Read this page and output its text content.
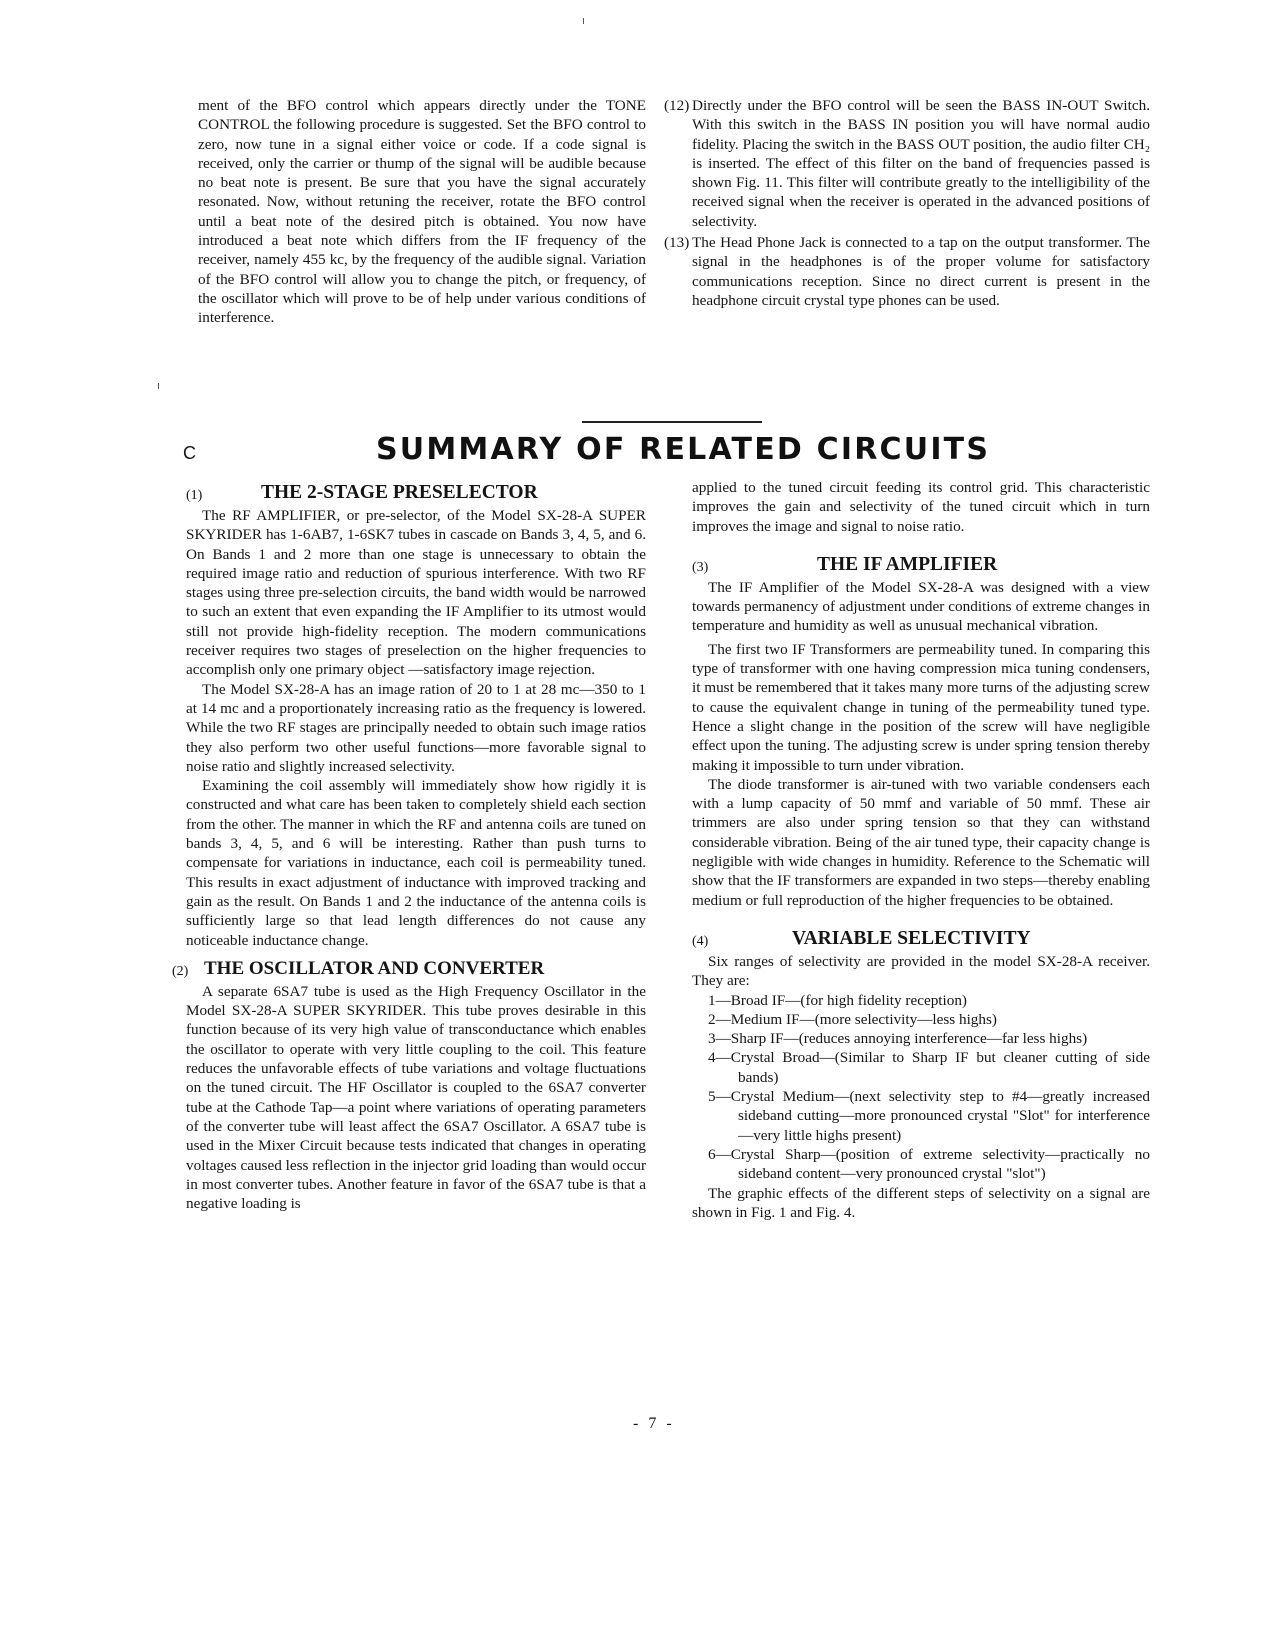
ment of the BFO control which appears directly under the TONE CONTROL the following procedure is suggested. Set the BFO control to zero, now tune in a signal either voice or code. If a code signal is received, only the carrier or thump of the signal will be audible because no beat note is present. Be sure that you have the signal accurately resonated. Now, without retuning the receiver, rotate the BFO control until a beat note of the desired pitch is obtained. You now have introduced a beat note which differs from the IF frequency of the receiver, namely 455 kc, by the frequency of the audible signal. Variation of the BFO control will allow you to change the pitch, or frequency, of the oscillator which will prove to be of help under various conditions of interference.

(12) Directly under the BFO control will be seen the BASS IN-OUT Switch. With this switch in the BASS IN position you will have normal audio fidelity. Placing the switch in the BASS OUT position, the audio filter CH₂ is inserted. The effect of this filter on the band of frequencies passed is shown Fig. 11. This filter will contribute greatly to the intelligibility of the received signal when the receiver is operated in the advanced positions of selectivity.
(13) The Head Phone Jack is connected to a tap on the output transformer. The signal in the headphones is of the proper volume for satisfactory communications reception. Since no direct current is present in the headphone circuit crystal type phones can be used.
C	SUMMARY OF RELATED CIRCUITS
(1)	THE 2-STAGE PRESELECTOR

The RF AMPLIFIER, or pre-selector, of the Model SX-28-A SUPER SKYRIDER has 1-6AB7, 1-6SK7 tubes in cascade on Bands 3, 4, 5, and 6. On Bands 1 and 2 more than one stage is unnecessary to obtain the required image ratio and reduction of spurious interference. With two RF stages using three pre-selection circuits, the band width would be narrowed to such an extent that even expanding the IF Amplifier to its utmost would still not provide high-fidelity reception. The modern communications receiver requires two stages of preselection on the higher frequencies to accomplish only one primary object —satisfactory image rejection.

The Model SX-28-A has an image ration of 20 to 1 at 28 mc—350 to 1 at 14 mc and a proportionately increasing ratio as the frequency is lowered. While the two RF stages are principally needed to obtain such image ratios they also perform two other useful functions—more favorable signal to noise ratio and slightly increased selectivity.

Examining the coil assembly will immediately show how rigidly it is constructed and what care has been taken to completely shield each section from the other. The manner in which the RF and antenna coils are tuned on bands 3, 4, 5, and 6 will be interesting. Rather than push turns to compensate for variations in inductance, each coil is permeability tuned. This results in exact adjustment of inductance with improved tracking and gain as the result. On Bands 1 and 2 the inductance of the antenna coils is sufficiently large so that lead length differences do not cause any noticeable inductance change.

(2) THE OSCILLATOR AND CONVERTER

A separate 6SA7 tube is used as the High Frequency Oscillator in the Model SX-28-A SUPER SKYRIDER. This tube proves desirable in this function because of its very high value of transconductance which enables the oscillator to operate with very little coupling to the coil. This feature reduces the unfavorable effects of tube variations and voltage fluctuations on the tuned circuit. The HF Oscillator is coupled to the 6SA7 converter tube at the Cathode Tap—a point where variations of operating parameters of the converter tube will least affect the 6SA7 Oscillator. A 6SA7 tube is used in the Mixer Circuit because tests indicated that changes in operating voltages caused less reflection in the injector grid loading than would occur in most converter tubes. Another feature in favor of the 6SA7 tube is that a negative loading is

applied to the tuned circuit feeding its control grid. This characteristic improves the gain and selectivity of the tuned circuit which in turn improves the image and signal to noise ratio.

(3)	THE IF AMPLIFIER

The IF Amplifier of the Model SX-28-A was designed with a view towards permanency of adjustment under conditions of extreme changes in temperature and humidity as well as unusual mechanical vibration.

The first two IF Transformers are permeability tuned. In comparing this type of transformer with one having compression mica tuning condensers, it must be remembered that it takes many more turns of the adjusting screw to cause the equivalent change in tuning of the permeability tuned type. Hence a slight change in the position of the screw will have negligible effect upon the tuning. The adjusting screw is under spring tension thereby making it impossible to turn under vibration.

The diode transformer is air-tuned with two variable condensers each with a lump capacity of 50 mmf and variable of 50 mmf. These air trimmers are also under spring tension so that they can withstand considerable vibration. Being of the air tuned type, their capacity change is negligible with wide changes in humidity. Reference to the Schematic will show that the IF transformers are expanded in two steps—thereby enabling medium or full reproduction of the higher frequencies to be obtained.

(4)	VARIABLE SELECTIVITY

Six ranges of selectivity are provided in the model SX-28-A receiver. They are:

1—Broad IF—(for high fidelity reception)
2—Medium IF—(more selectivity—less highs)
3—Sharp IF—(reduces annoying interference—far less highs)
4—Crystal Broad—(Similar to Sharp IF but cleaner cutting of side bands)
5—Crystal Medium—(next selectivity step to #4—greatly increased sideband cutting—more pronounced crystal "Slot" for interference—very little highs present)
6—Crystal Sharp—(position of extreme selectivity—practically no sideband content—very pronounced crystal "slot")

The graphic effects of the different steps of selectivity on a signal are shown in Fig. 1 and Fig. 4.

- 7 -
